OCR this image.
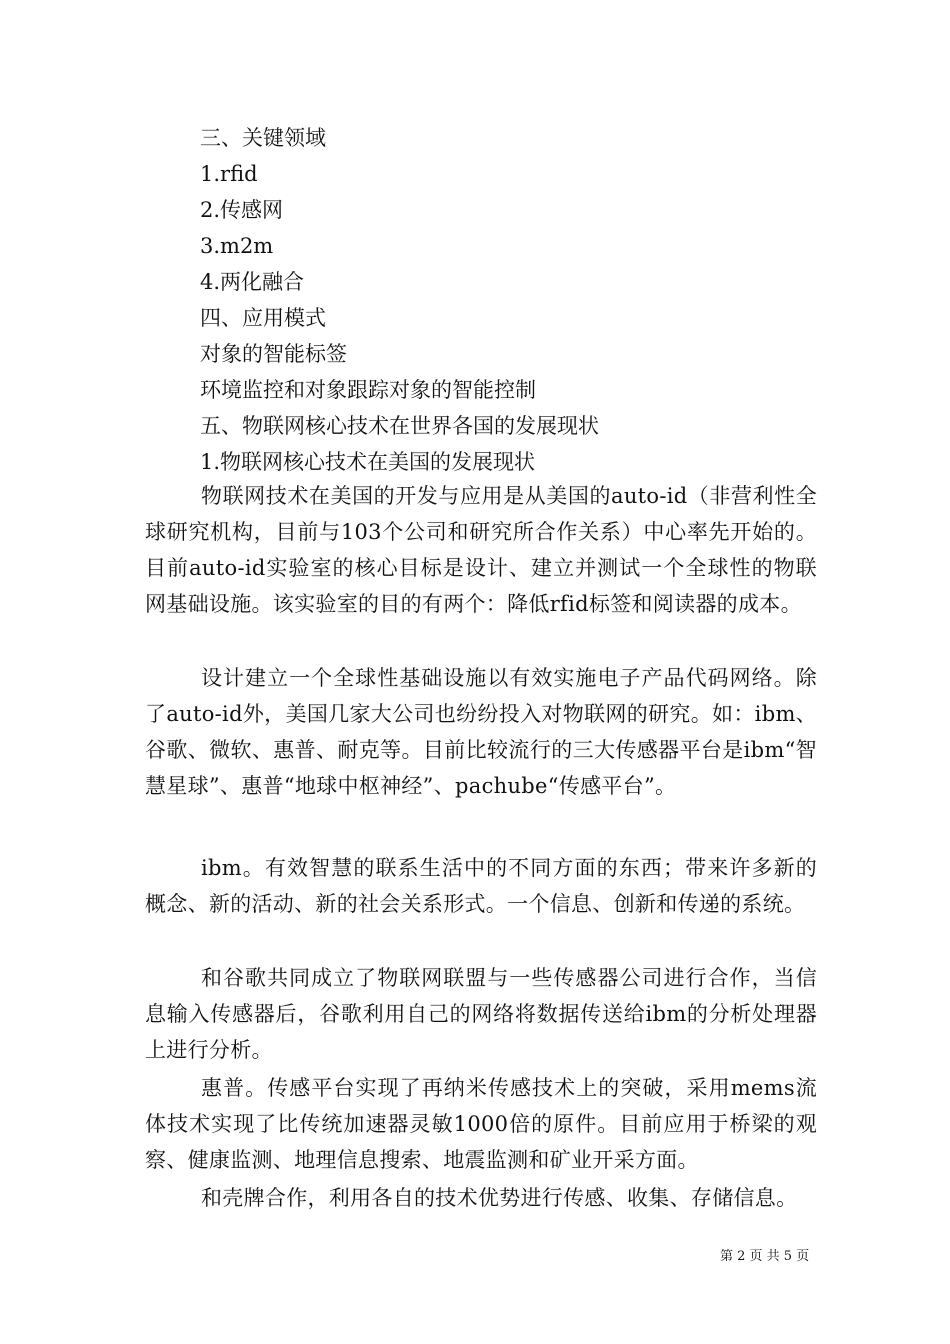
三、关键领域
1.rfid
2.传感网
3.m2m
4.两化融合
四、应用模式
对象的智能标签
环境监控和对象跟踪对象的智能控制
五、物联网核心技术在世界各国的发展现状
1.物联网核心技术在美国的发展现状
物联网技术在美国的开发与应用是从美国的auto-id（非营利性全球研究机构，目前与103个公司和研究所合作关系）中心率先开始的。目前auto-id实验室的核心目标是设计、建立并测试一个全球性的物联网基础设施。该实验室的目的有两个：降低rfid标签和阅读器的成本。
设计建立一个全球性基础设施以有效实施电子产品代码网络。除了auto-id外，美国几家大公司也纷纷投入对物联网的研究。如：ibm、谷歌、微软、惠普、耐克等。目前比较流行的三大传感器平台是ibm“智慧星球”、惠普“地球中枢神经”、pachube“传感平台”。
ibm。有效智慧的联系生活中的不同方面的东西；带来许多新的概念、新的活动、新的社会关系形式。一个信息、创新和传递的系统。
和谷歌共同成立了物联网联盟与一些传感器公司进行合作，当信息输入传感器后，谷歌利用自己的网络将数据传送给ibm的分析处理器上进行分析。
惠普。传感平台实现了再纳米传感技术上的突破，采用mems流体技术实现了比传统加速器灵敏1000倍的原件。目前应用于桥梁的观察、健康监测、地理信息搜索、地震监测和矿业开采方面。
和壳牌合作，利用各自的技术优势进行传感、收集、存储信息。
第 2 页 共 5 页
